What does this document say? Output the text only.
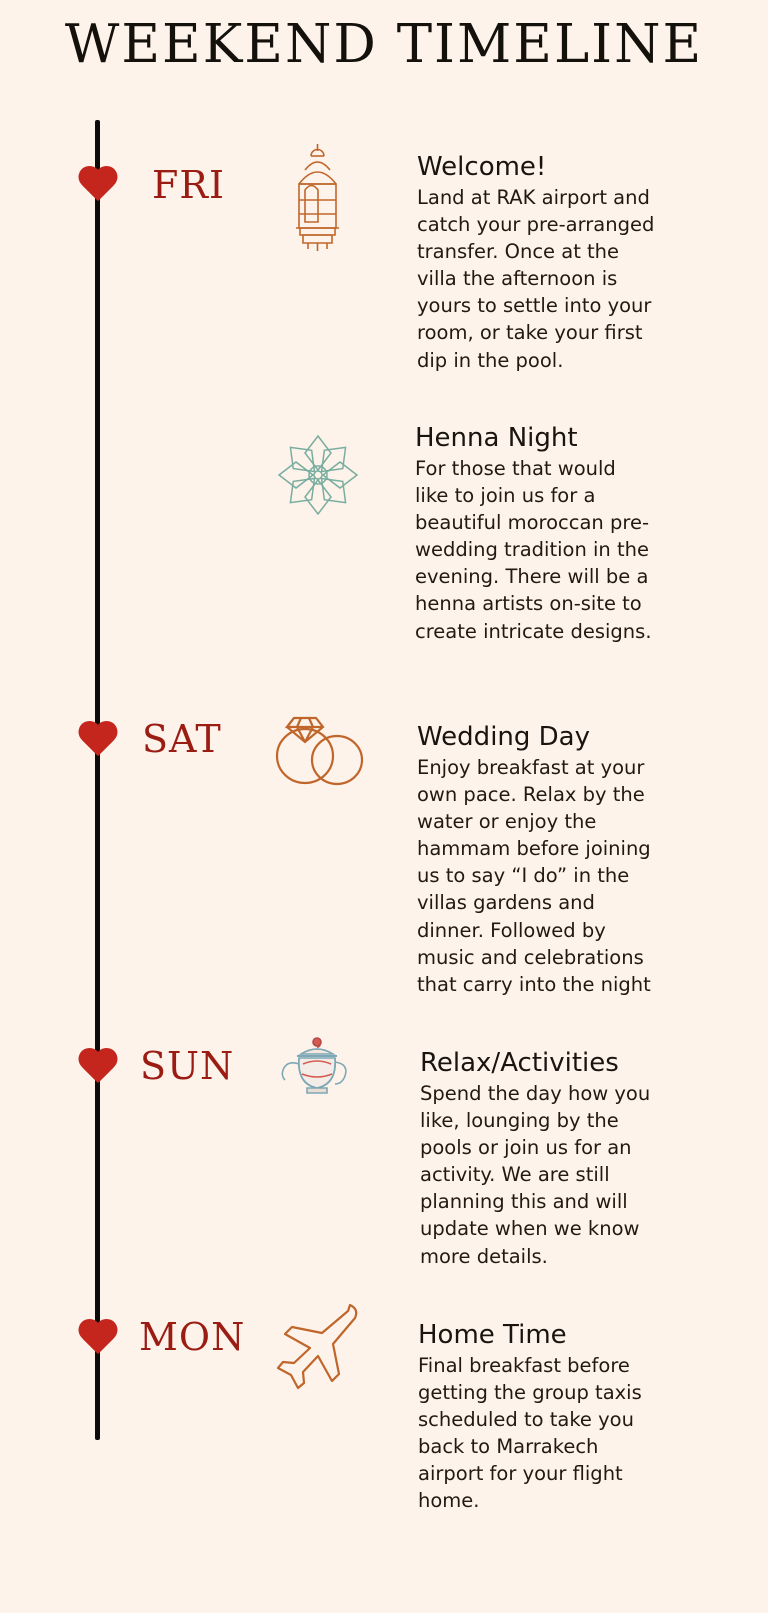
WEEKEND TIMELINE
FRI	Welcome!

Land at RAK airport and catch your pre-arranged transfer. Once at the villa the afternoon is yours to settle into your room, or take your first dip in the pool.

Henna Night

For those that would like to join us for a beautiful moroccan pre-wedding tradition in the evening. There will be a henna artists on-site to create intricate designs.

SAT	Wedding Day

Enjoy breakfast at your own pace. Relax by the water or enjoy the hammam before joining us to say “I do” in the villas gardens and dinner. Followed by music and celebrations that carry into the night

SUN	Relax/Activities

Spend the day how you like, lounging by the pools or join us for an activity. We are still planning this and will update when we know more details.

MON	Home Time

Final breakfast before getting the group taxis scheduled to take you back to Marrakech airport for your flight home.
